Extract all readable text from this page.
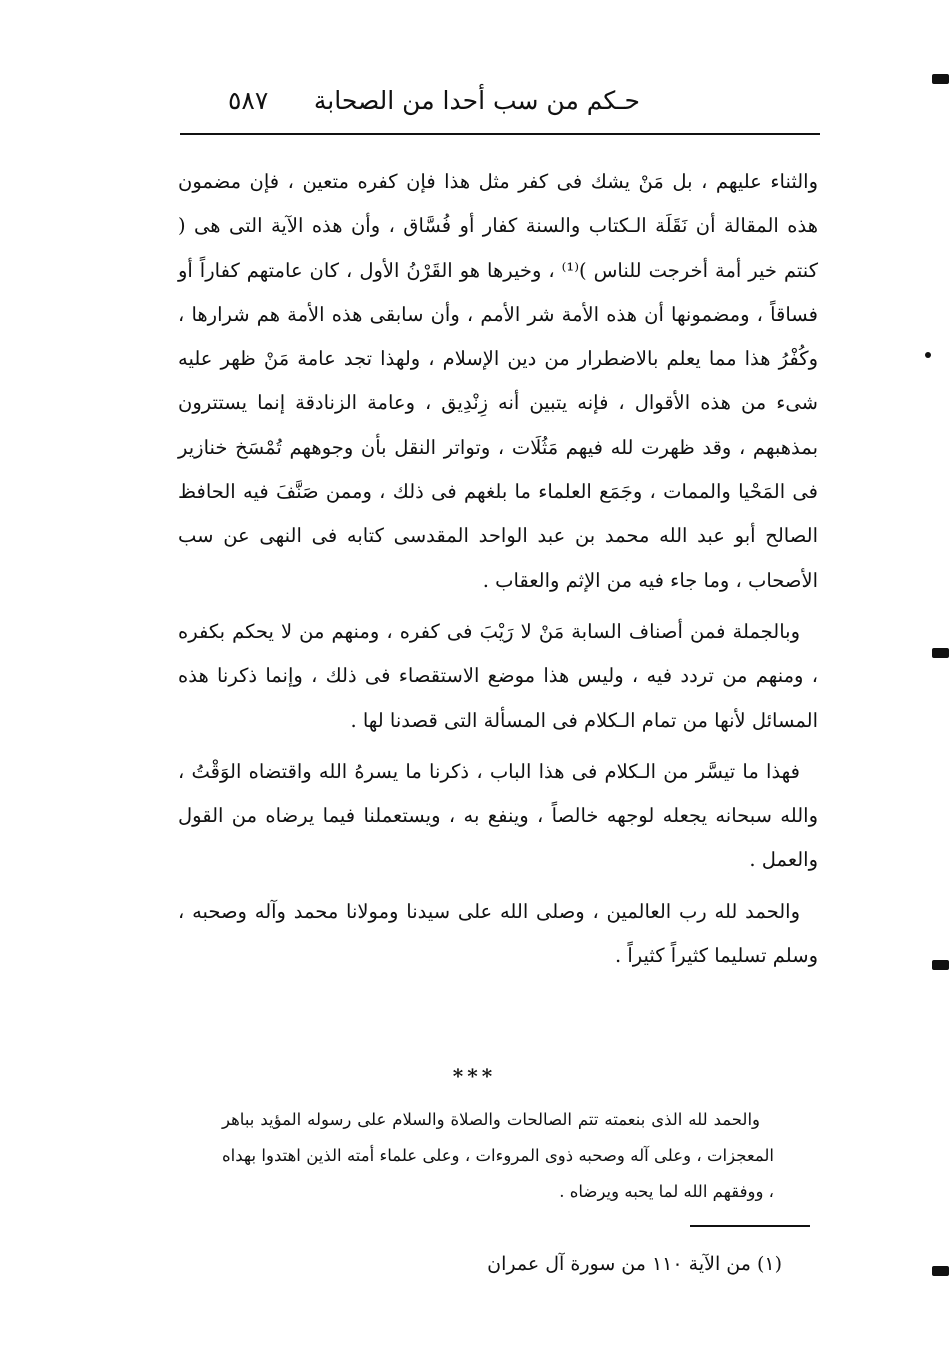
حـكم من سب أحدا من الصحابة
٥٨٧

والثناء عليهم ، بل مَنْ يشك فى كفر مثل هذا فإن كفره متعين ، فإن مضمون هذه المقالة أن نَقَلَة الـكتاب والسنة كفار أو فُسَّاق ، وأن هذه الآية التى هى ( كنتم خير أمة أخرجت للناس )⁽¹⁾ ، وخيرها هو القَرْنُ الأول ، كان عامتهم كفاراً أو فساقاً ، ومضمونها أن هذه الأمة شر الأمم ، وأن سابقى هذه الأمة هم شرارها ، وكُفْرُ هذا مما يعلم بالاضطرار من دين الإسلام ، ولهذا تجد عامة مَنْ ظهر عليه شىء من هذه الأقوال ، فإنه يتبين أنه زِنْدِيق ، وعامة الزنادقة إنما يستترون بمذهبهم ، وقد ظهرت لله فيهم مَثُلَات ، وتواتر النقل بأن وجوههم تُمْسَخ خنازير فى المَحْيا والممات ، وجَمَع العلماء ما بلغهم فى ذلك ، وممن صَنَّفَ فيه الحافظ الصالح أبو عبد الله محمد بن عبد الواحد المقدسى كتابه فى النهى عن سب الأصحاب ، وما جاء فيه من الإثم والعقاب .

وبالجملة فمن أصناف السابة مَنْ لا رَيْبَ فى كفره ، ومنهم من لا يحكم بكفره ، ومنهم من تردد فيه ، وليس هذا موضع الاستقصاء فى ذلك ، وإنما ذكرنا هذه المسائل لأنها من تمام الـكلام فى المسألة التى قصدنا لها .

فهذا ما تيسَّر من الـكلام فى هذا الباب ، ذكرنا ما يسرهُ الله واقتضاه الوَقْتُ ، والله سبحانه يجعله لوجهه خالصاً ، وينفع به ، ويستعملنا فيما يرضاه من القول والعمل .

والحمد لله رب العالمين ، وصلى الله على سيدنا ومولانا محمد وآله وصحبه ، وسلم تسليما كثيراً كثيراً .

***

والحمد لله الذى بنعمته تتم الصالحات والصلاة والسلام على رسوله المؤيد بباهر المعجزات ، وعلى آله وصحبه ذوى المروءات ، وعلى علماء أمته الذين اهتدوا بهداه ، ووفقهم الله لما يحبه ويرضاه .

(١) من الآية ١١٠ من سورة آل عمران
